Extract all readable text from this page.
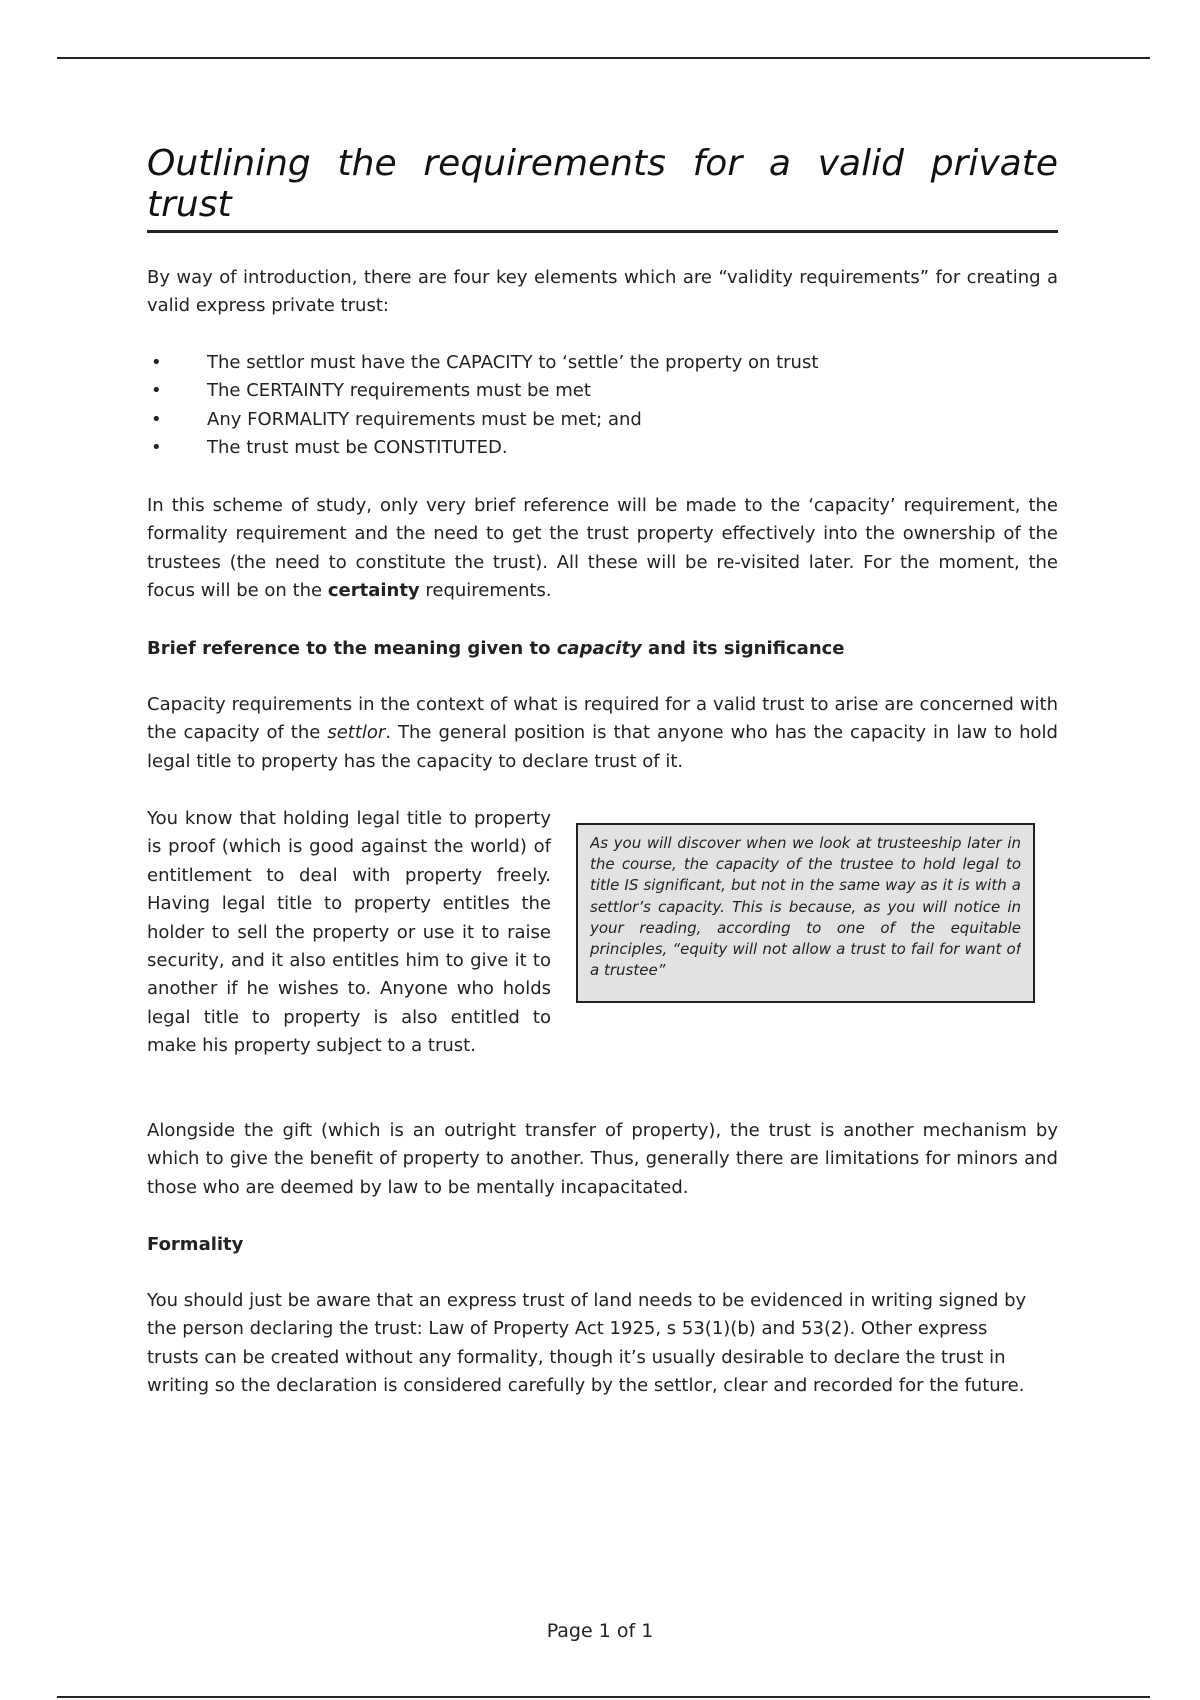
Outlining the requirements for a valid private trust

By way of introduction, there are four key elements which are “validity requirements” for creating a valid express private trust:

•	The settlor must have the CAPACITY to ‘settle’ the property on trust
•	The CERTAINTY requirements must be met
•	Any FORMALITY requirements must be met; and
•	The trust must be CONSTITUTED.

In this scheme of study, only very brief reference will be made to the ‘capacity’ requirement, the formality requirement and the need to get the trust property effectively into the ownership of the trustees (the need to constitute the trust). All these will be re-visited later. For the moment, the focus will be on the certainty requirements.

Brief reference to the meaning given to capacity and its significance

Capacity requirements in the context of what is required for a valid trust to arise are concerned with the capacity of the settlor. The general position is that anyone who has the capacity in law to hold legal title to property has the capacity to declare trust of it.

You know that holding legal title to property is proof (which is good against the world) of entitlement to deal with property freely. Having legal title to property entitles the holder to sell the property or use it to raise security, and it also entitles him to give it to another if he wishes to. Anyone who holds legal title to property is also entitled to make his property subject to a trust.

As you will discover when we look at trusteeship later in the course, the capacity of the trustee to hold legal to title IS significant, but not in the same way as it is with a settlor’s capacity. This is because, as you will notice in your reading, according to one of the equitable principles, “equity will not allow a trust to fail for want of a trustee”

Alongside the gift (which is an outright transfer of property), the trust is another mechanism by which to give the benefit of property to another. Thus, generally there are limitations for minors and those who are deemed by law to be mentally incapacitated.

Formality

You should just be aware that an express trust of land needs to be evidenced in writing signed by the person declaring the trust: Law of Property Act 1925, s 53(1)(b) and 53(2). Other express trusts can be created without any formality, though it’s usually desirable to declare the trust in writing so the declaration is considered carefully by the settlor, clear and recorded for the future.

Page 1 of 1
